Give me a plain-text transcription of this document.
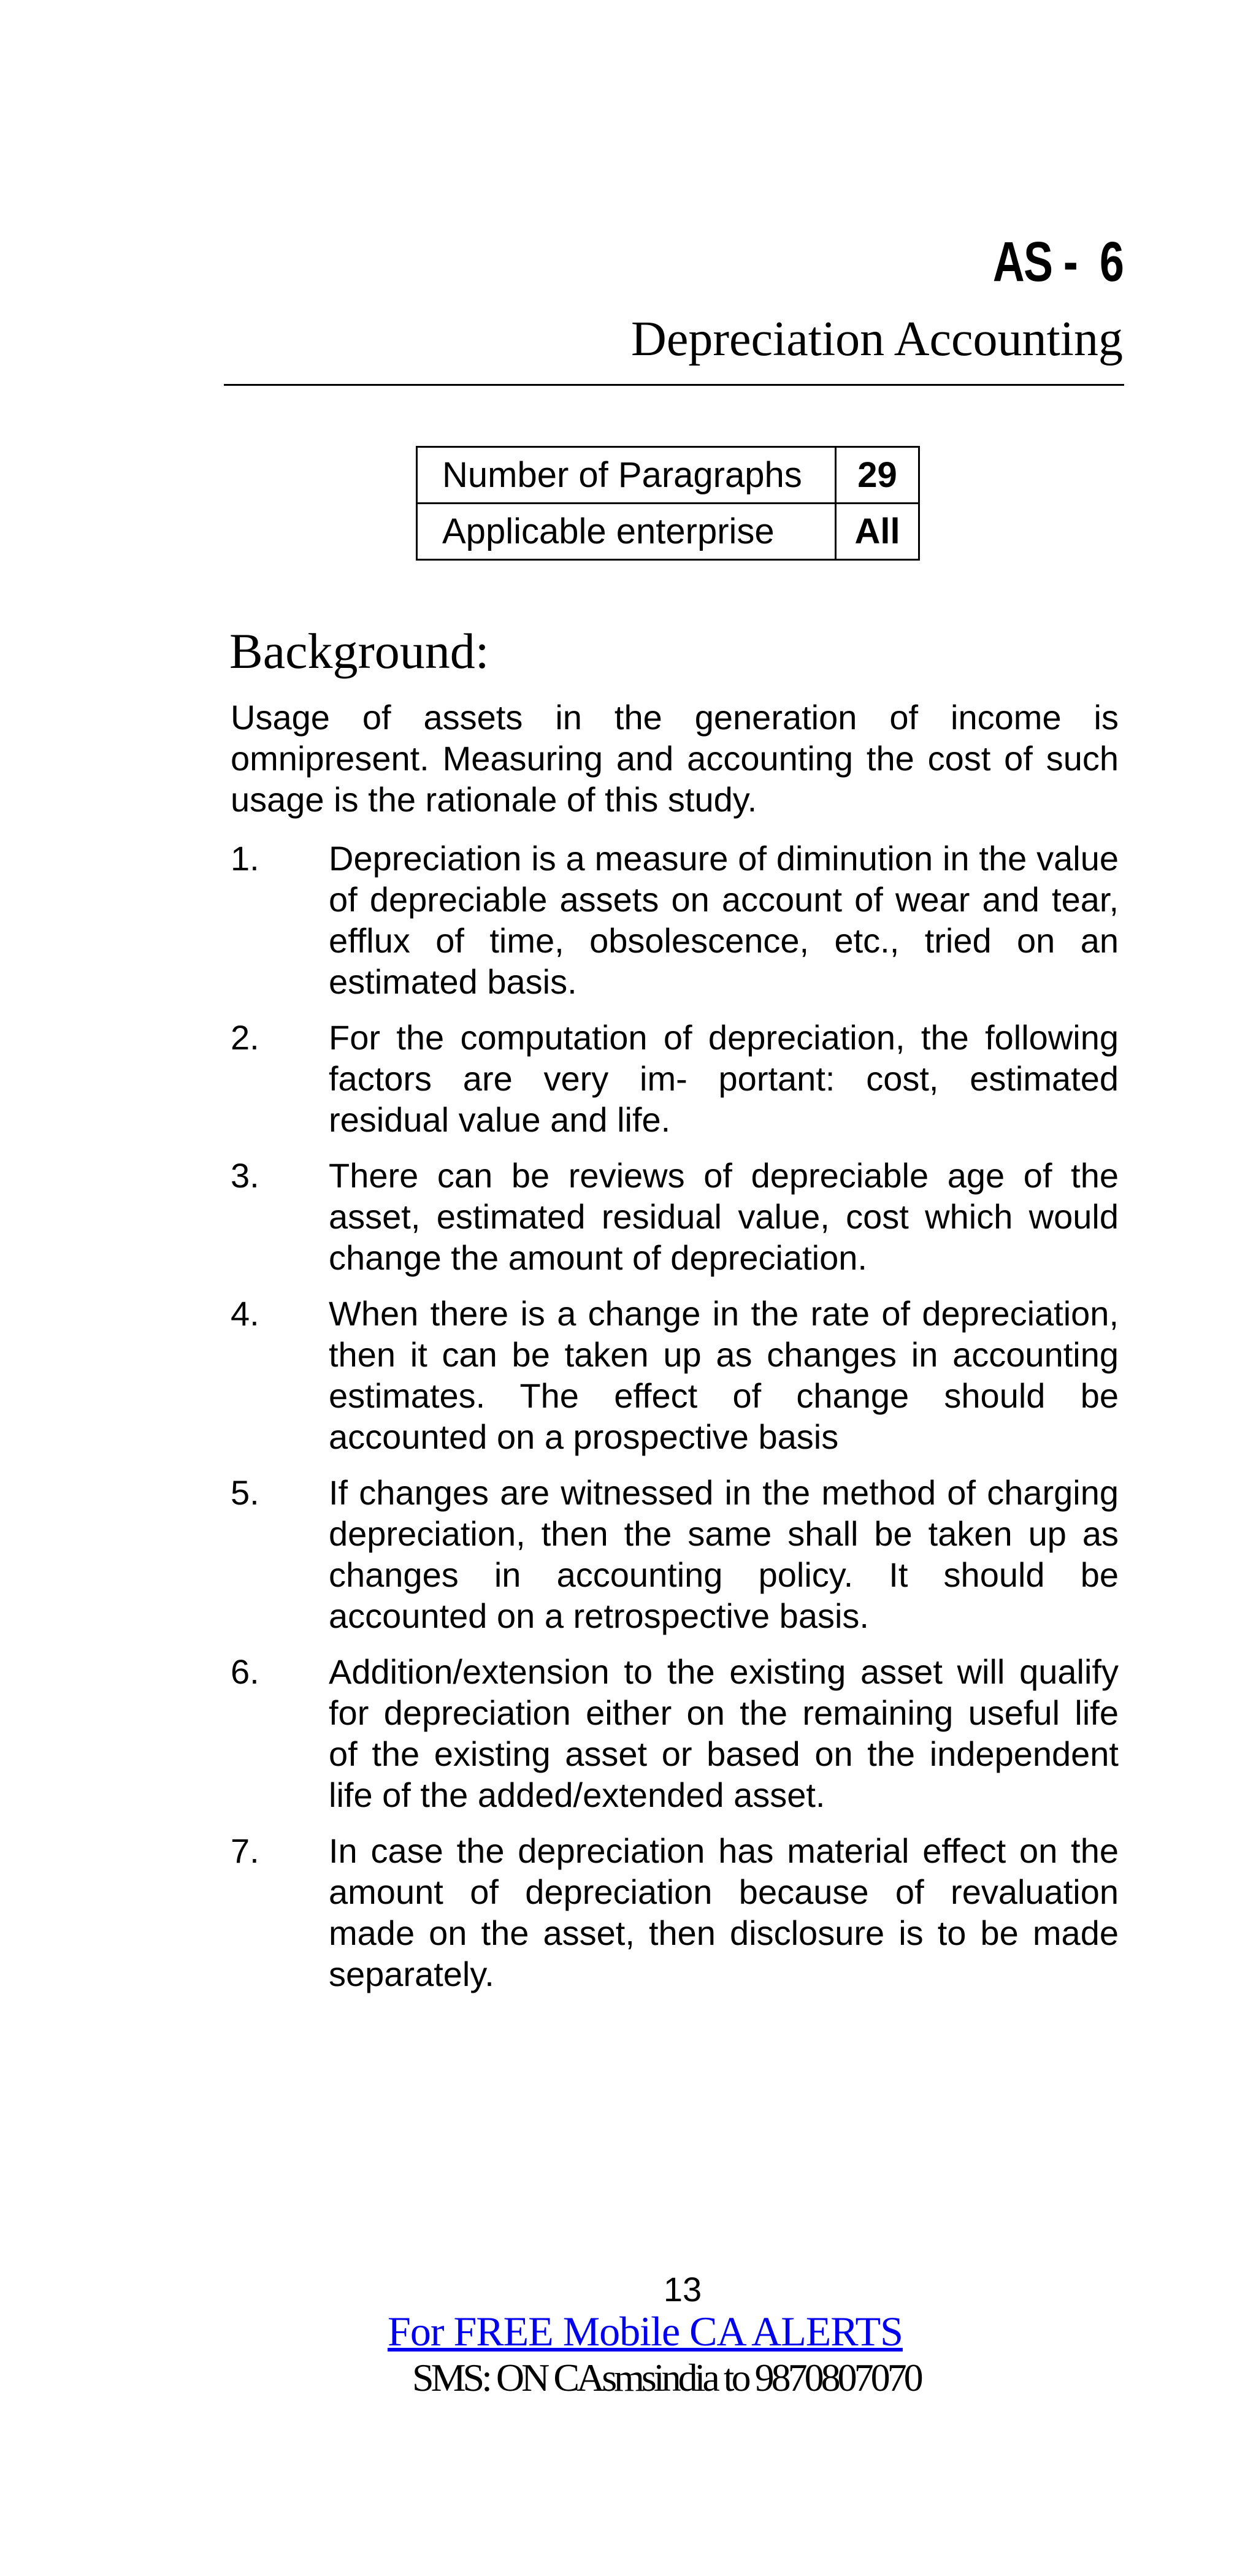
AS -  6
Depreciation Accounting
Number of Paragraphs	29
Applicable enterprise	All
Background:

Usage of assets in the generation of income is omnipresent. Measuring and accounting the cost of such usage is the rationale of this study.

1. Depreciation is a measure of diminution in the value of depreciable assets on account of wear and tear, efflux of time, obsolescence, etc., tried on an estimated basis.
2. For the computation of depreciation, the following factors are very im- portant: cost, estimated residual value and life.
3. There can be reviews of depreciable age of the asset, estimated residual value, cost which would change the amount of depreciation.
4. When there is a change in the rate of depreciation, then it can be taken up as changes in accounting estimates. The effect of change should be accounted on a prospective basis
5. If changes are witnessed in the method of charging depreciation, then the same shall be taken up as changes in accounting policy. It should be accounted on a retrospective basis.
6. Addition/extension to the existing asset will qualify for depreciation either on the remaining useful life of the existing asset or based on the independent life of the added/extended asset.
7. In case the depreciation has material effect on the amount of depreciation because of revaluation made on the asset, then disclosure is to be made separately.
13
For FREE Mobile CA ALERTS
SMS: ON CAsmsindia to 9870807070
